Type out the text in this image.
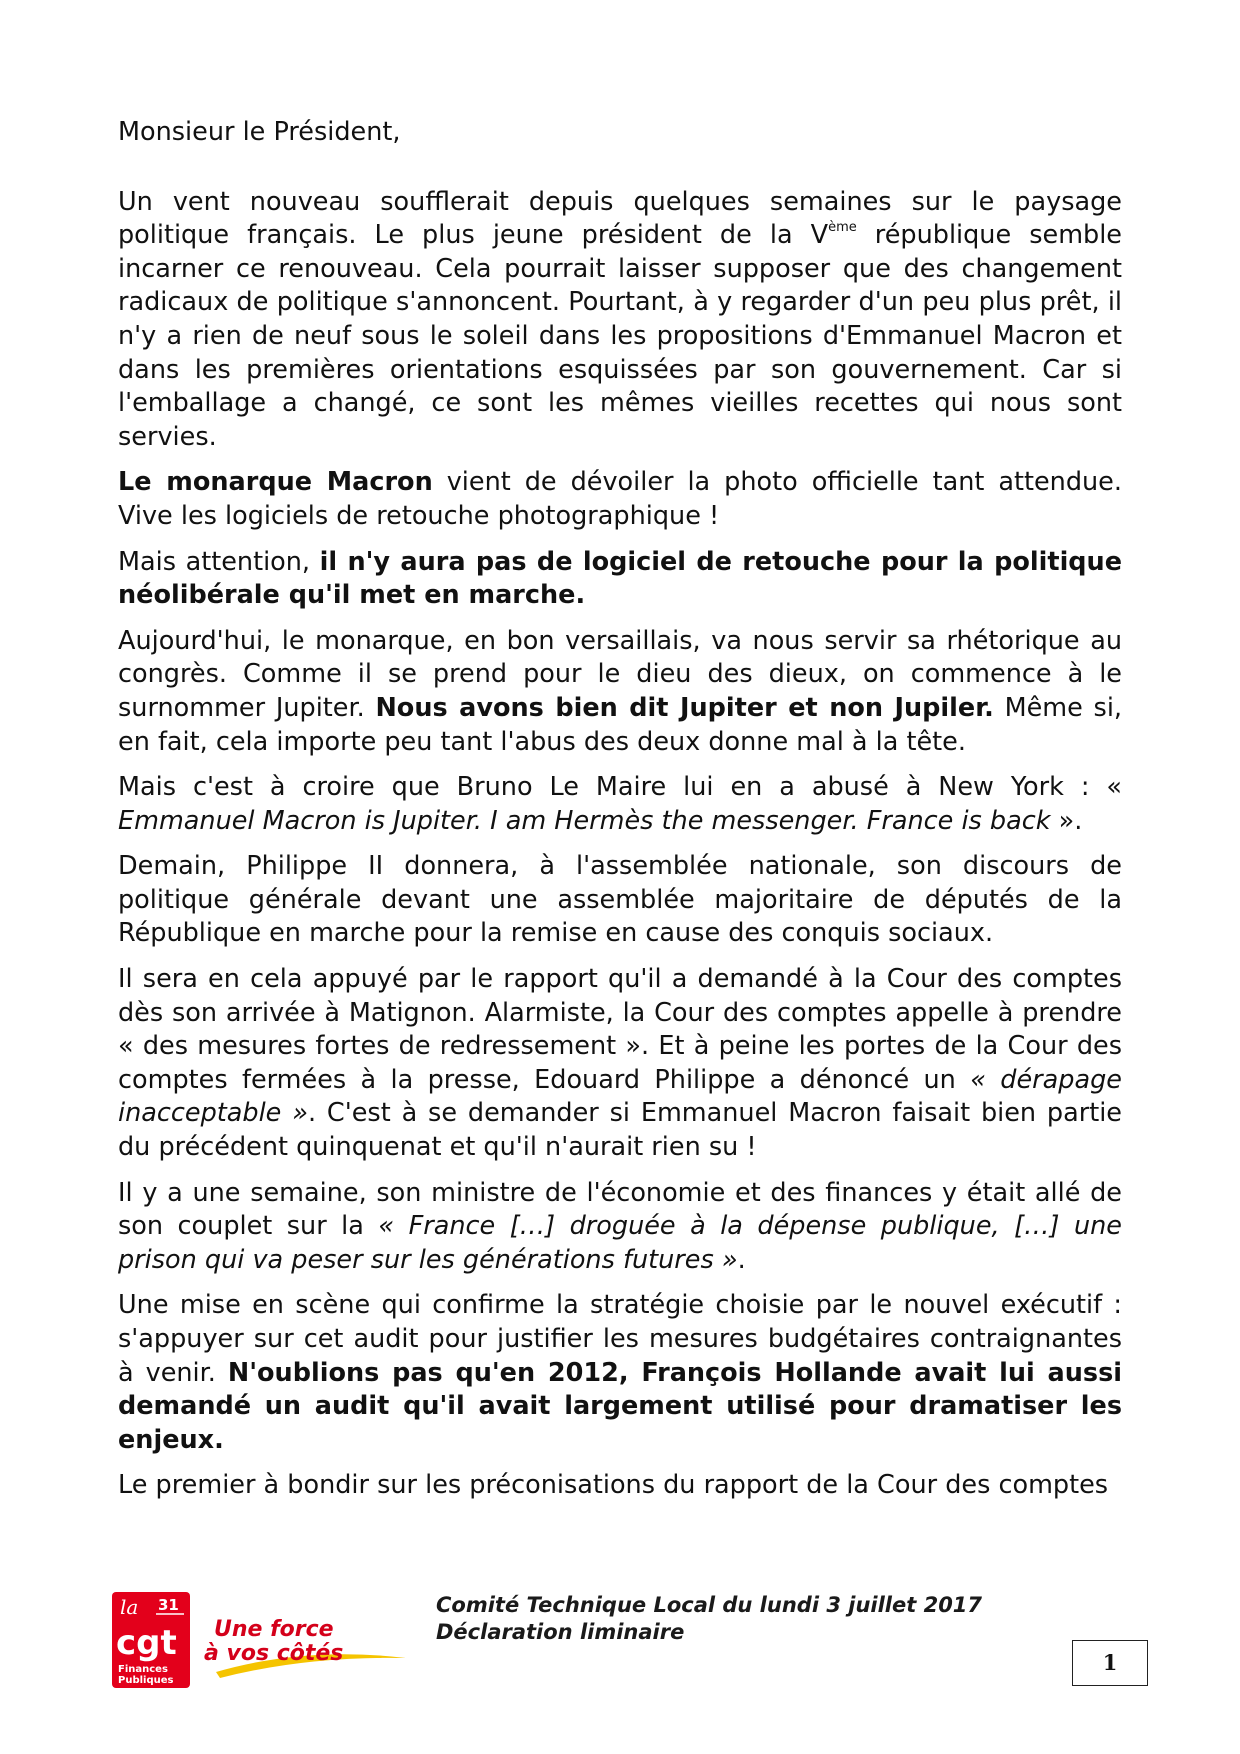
Monsieur le Président,

Un vent nouveau soufflerait depuis quelques semaines sur le paysage politique français. Le plus jeune président de la Vème république semble incarner ce renouveau. Cela pourrait laisser supposer que des changement radicaux de politique s'annoncent. Pourtant, à y regarder d'un peu plus prêt, il n'y a rien de neuf sous le soleil dans les propositions d'Emmanuel Macron et dans les premières orientations esquissées par son gouvernement. Car si l'emballage a changé, ce sont les mêmes vieilles recettes qui nous sont servies.

Le monarque Macron vient de dévoiler la photo officielle tant attendue. Vive les logiciels de retouche photographique !

Mais attention, il n'y aura pas de logiciel de retouche pour la politique néolibérale qu'il met en marche.

Aujourd'hui, le monarque, en bon versaillais, va nous servir sa rhétorique au congrès. Comme il se prend pour le dieu des dieux, on commence à le surnommer Jupiter. Nous avons bien dit Jupiter et non Jupiler. Même si, en fait, cela importe peu tant l'abus des deux donne mal à la tête.

Mais c'est à croire que Bruno Le Maire lui en a abusé à New York : « Emmanuel Macron is Jupiter. I am Hermès the messenger. France is back ».

Demain, Philippe II donnera, à l'assemblée nationale, son discours de politique générale devant une assemblée majoritaire de députés de la République en marche pour la remise en cause des conquis sociaux.

Il sera en cela appuyé par le rapport qu'il a demandé à la Cour des comptes dès son arrivée à Matignon. Alarmiste, la Cour des comptes appelle à prendre « des mesures fortes de redressement ». Et à peine les portes de la Cour des comptes fermées à la presse, Edouard Philippe a dénoncé un « dérapage inacceptable ». C'est à se demander si Emmanuel Macron faisait bien partie du précédent quinquenat et qu'il n'aurait rien su !

Il y a une semaine, son ministre de l'économie et des finances y était allé de son couplet sur la « France […] droguée à la dépense publique, […] une prison qui va peser sur les générations futures ».

Une mise en scène qui confirme la stratégie choisie par le nouvel exécutif : s'appuyer sur cet audit pour justifier les mesures budgétaires contraignantes à venir. N'oublions pas qu'en 2012, François Hollande avait lui aussi demandé un audit qu'il avait largement utilisé pour dramatiser les enjeux.

Le premier à bondir sur les préconisations du rapport de la Cour des comptes

la 31
cgt
Finances
Publiques
Une force
à vos côtés
Comité Technique Local du lundi 3 juillet 2017
Déclaration liminaire
1
